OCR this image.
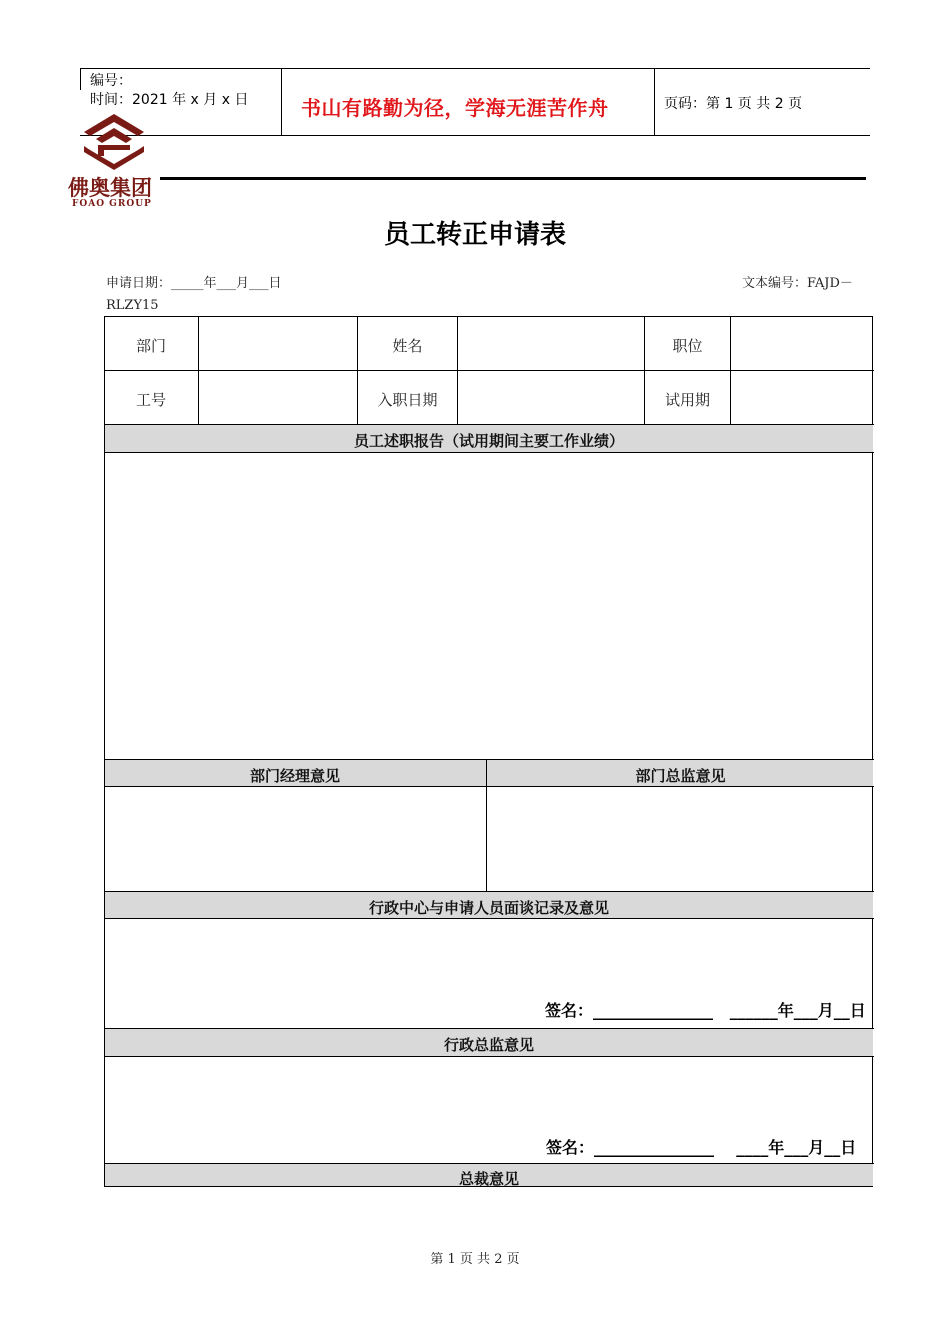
编号：
时间：2021 年 x 月 x 日	书山有路勤为径，学海无涯苦作舟	页码：第 1 页 共 2 页
佛奥集团
FOAO GROUP
员工转正申请表
申请日期：_____年___月___日	文本编号：FAJD－
RLZY15
部门	姓名	职位
工号	入职日期	试用期
员工述职报告（试用期间主要工作业绩）
部门经理意见	部门总监意见
行政中心与申请人员面谈记录及意见
签名：_______________   ______年___月__日
行政总监意见
签名：_______________    ____年___月__日
总裁意见
第 1 页 共 2 页
